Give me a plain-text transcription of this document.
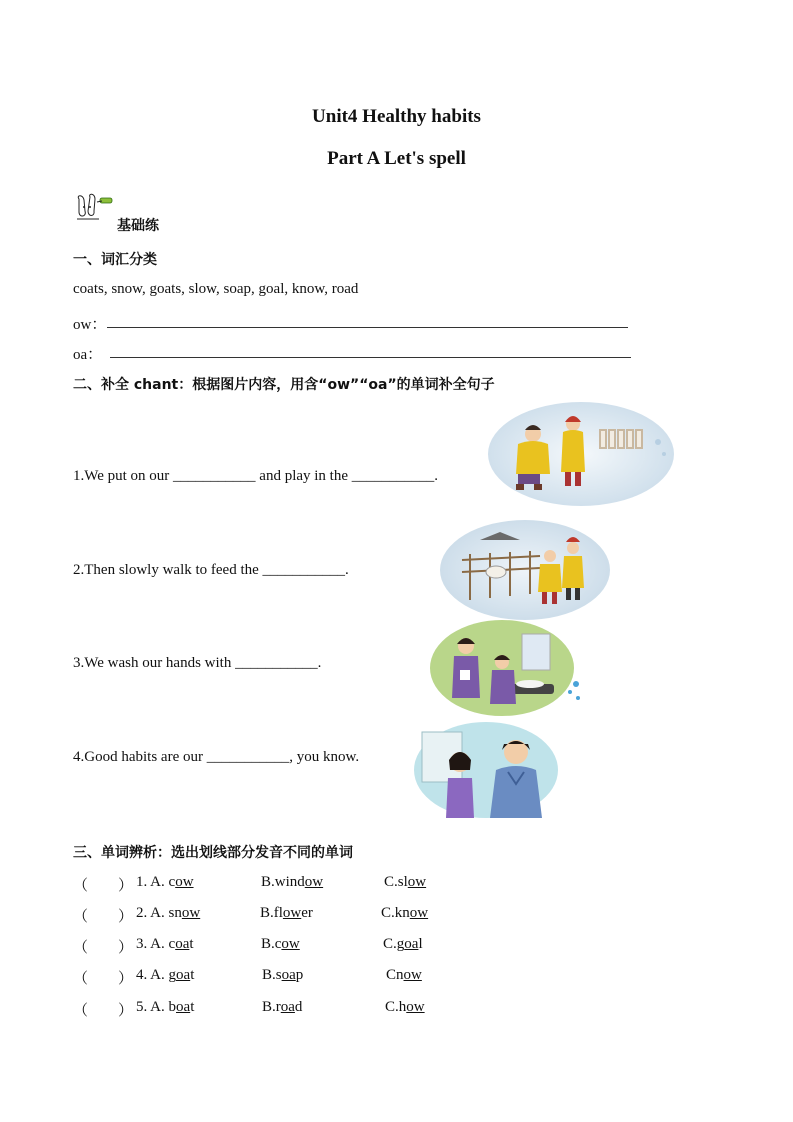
Unit4 Healthy habits
Part A Let's spell
基础练
一、词汇分类
coats, snow, goats, slow, soap, goal, know, road
ow：
oa：
二、补全 chant：根据图片内容，用含“ow”“oa”的单词补全句子
1.We put on our ___________ and play in the ___________.
2.Then slowly walk to feed the ___________.
3.We wash our hands with ___________.
4.Good habits are our ___________, you know.
三、单词辨析：选出划线部分发音不同的单词
（　　） 1. A. cow	B.window	C.slow
（　　） 2. A. snow	B.flower	C.know
（　　） 3. A. coat	B.cow	C.goal
（　　） 4. A. goat	B.soap	Cnow
（　　） 5. A. boat	B.road	C.how
